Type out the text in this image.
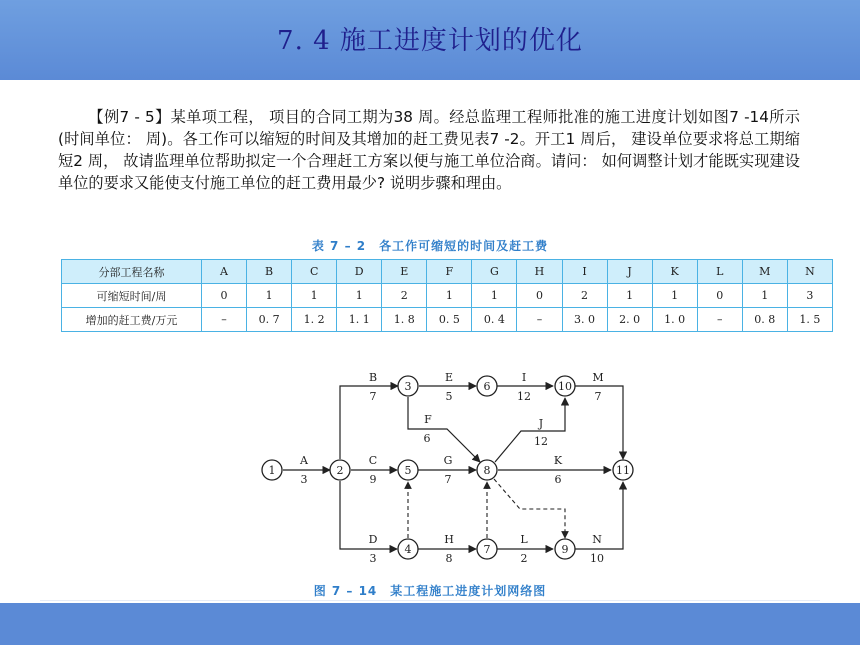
7. 4 施工进度计划的优化
【例7 - 5】某单项工程， 项目的合同工期为38 周。经总监理工程师批准的施工进度计划如图7 -14所示(时间单位： 周)。各工作可以缩短的时间及其增加的赶工费见表7 -2。开工1 周后， 建设单位要求将总工期缩短2 周， 故请监理单位帮助拟定一个合理赶工方案以便与施工单位洽商。请问： 如何调整计划才能既实现建设单位的要求又能使支付施工单位的赶工费用最少? 说明步骤和理由。
表 7 – 2　各工作可缩短的时间及赶工费
分部工程名称	A	B	C	D	E	F	G	H	I	J	K	L	M	N
可缩短时间/周	0	1	1	1	2	1	1	0	2	1	1	0	1	3
增加的赶工费/万元	–	0. 7	1. 2	1. 1	1. 8	0. 5	0. 4	–	3. 0	2. 0	1. 0	–	0. 8	1. 5
1	2
3
4
5
6
7
8
9
10
11
A
3
B
7
C
9
D
3
E
5
F
6
G
7
H
8
I
12
J
12
K
6
L
2
M
7
N
10
图 7 – 14　某工程施工进度计划网络图
